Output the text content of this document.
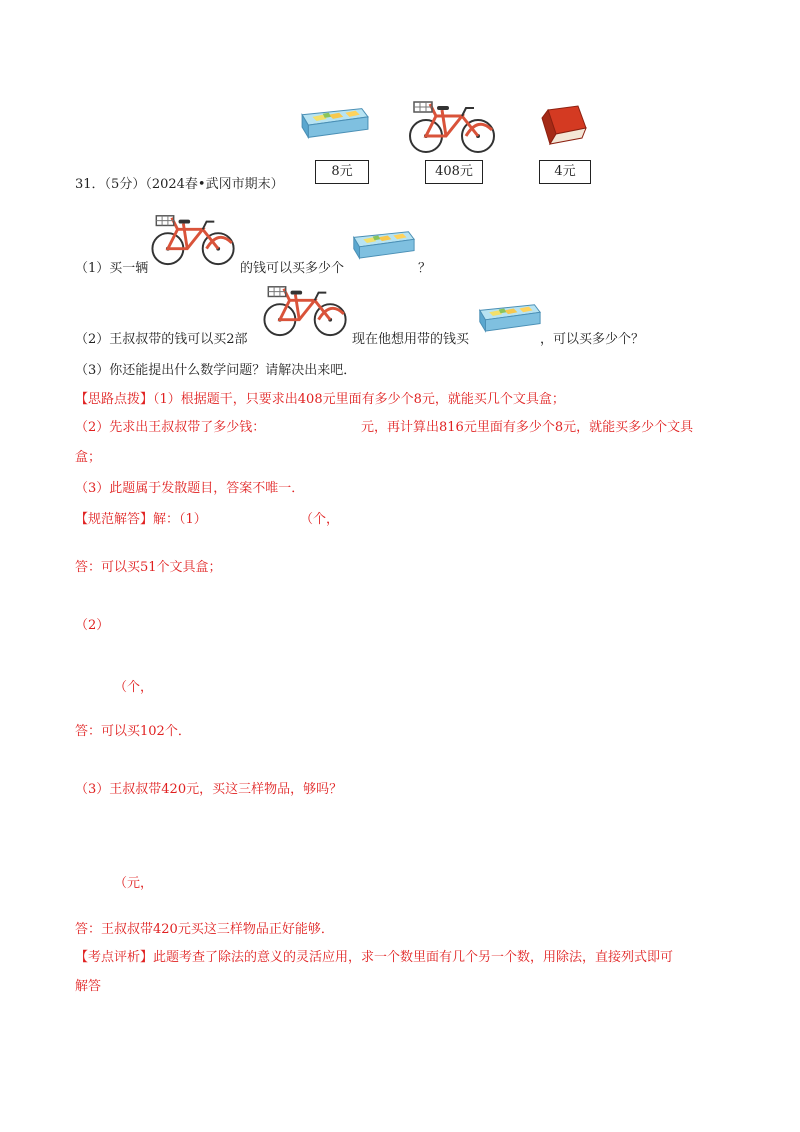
31．（5分）（2024春•武冈市期末）
8元	408元	4元
（1）买一辆	的钱可以买多少个	？
（2）王叔叔带的钱可以买2部	现在他想用带的钱买	，可以买多少个？
（3）你还能提出什么数学问题？请解决出来吧．
【思路点拨】（1）根据题干，只要求出408元里面有多少个8元，就能买几个文具盒；
（2）先求出王叔叔带了多少钱：	元，再计算出816元里面有多少个8元，就能买多少个文具
盒；
（3）此题属于发散题目，答案不唯一．
【规范解答】解：（1）	（个，
答：可以买51个文具盒；
（2）
（个，
答：可以买102个．
（3）王叔叔带420元，买这三样物品，够吗？
（元，
答：王叔叔带420元买这三样物品正好能够．
【考点评析】此题考查了除法的意义的灵活应用，求一个数里面有几个另一个数，用除法，直接列式即可
解答
